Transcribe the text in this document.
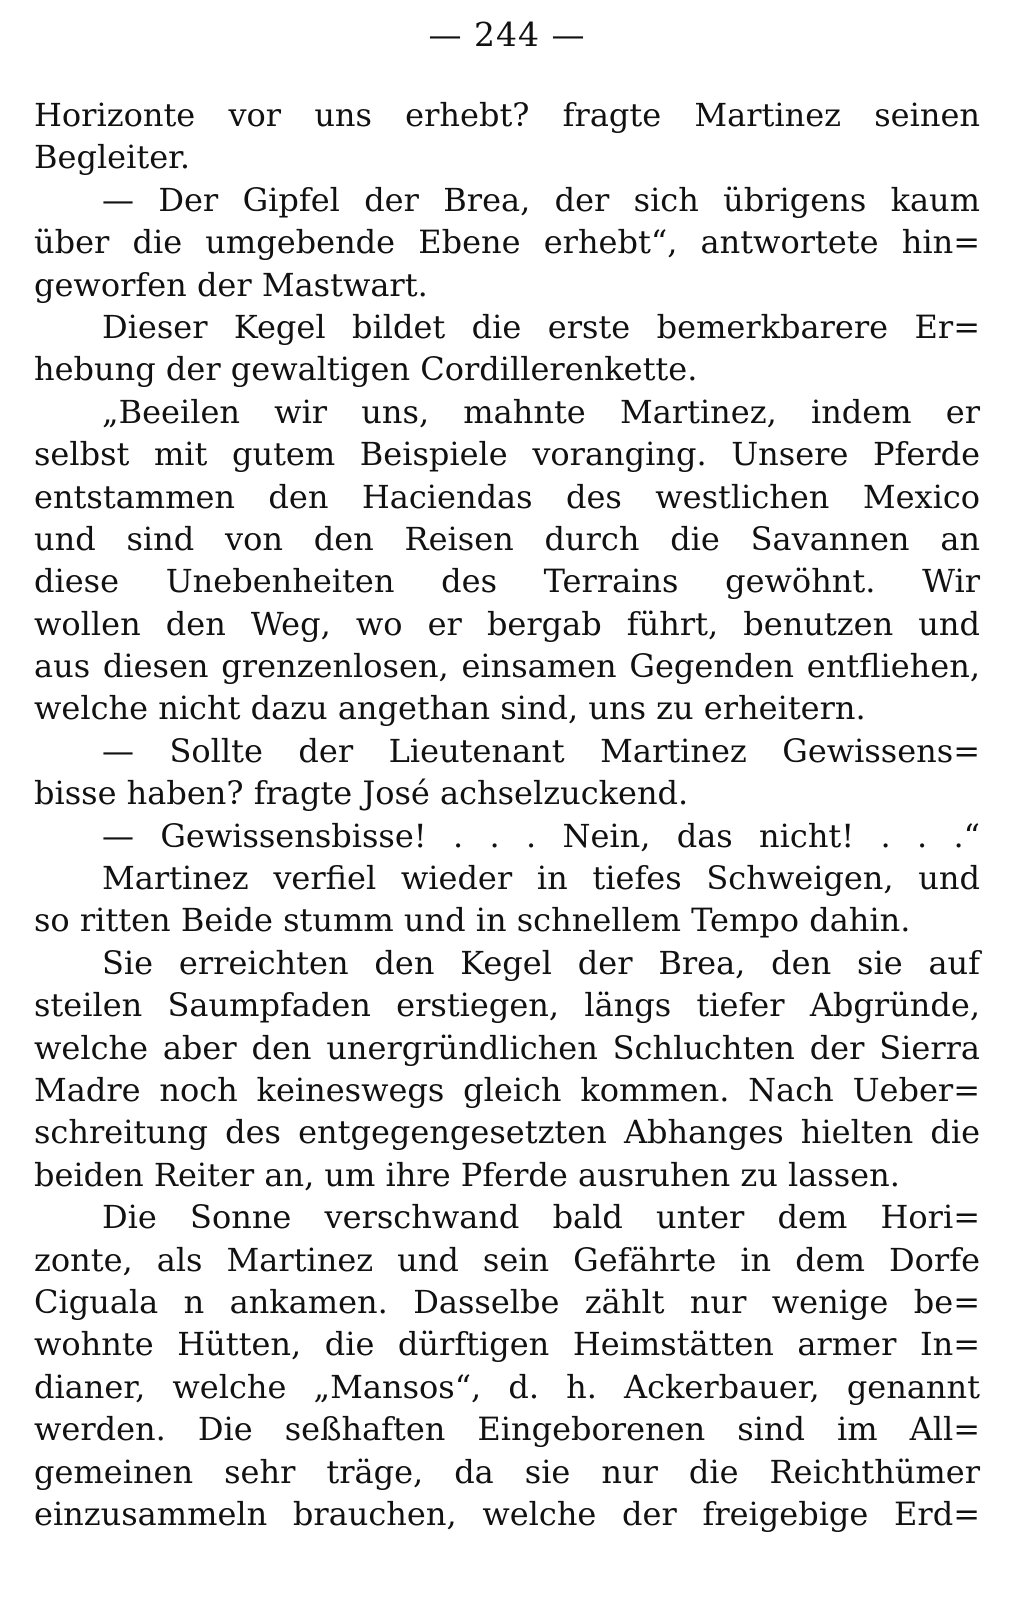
— 244 —
Horizonte vor uns erhebt? fragte Martinez seinen
Begleiter.
— Der Gipfel der Brea, der sich übrigens kaum
über die umgebende Ebene erhebt“, antwortete hin=
geworfen der Mastwart.
Dieser Kegel bildet die erste bemerkbarere Er=
hebung der gewaltigen Cordillerenkette.
„Beeilen wir uns, mahnte Martinez, indem er
selbst mit gutem Beispiele voranging. Unsere Pferde
entstammen den Haciendas des westlichen Mexico
und sind von den Reisen durch die Savannen an
diese Unebenheiten des Terrains gewöhnt. Wir
wollen den Weg, wo er bergab führt, benutzen und
aus diesen grenzenlosen, einsamen Gegenden entfliehen,
welche nicht dazu angethan sind, uns zu erheitern.
— Sollte der Lieutenant Martinez Gewissens=
bisse haben? fragte José achselzuckend.
— Gewissensbisse! . . . Nein, das nicht! . . .“
Martinez verfiel wieder in tiefes Schweigen, und
so ritten Beide stumm und in schnellem Tempo dahin.
Sie erreichten den Kegel der Brea, den sie auf
steilen Saumpfaden erstiegen, längs tiefer Abgründe,
welche aber den unergründlichen Schluchten der Sierra
Madre noch keineswegs gleich kommen. Nach Ueber=
schreitung des entgegengesetzten Abhanges hielten die
beiden Reiter an, um ihre Pferde ausruhen zu lassen.
Die Sonne verschwand bald unter dem Hori=
zonte, als Martinez und sein Gefährte in dem Dorfe
Ciguala n ankamen. Dasselbe zählt nur wenige be=
wohnte Hütten, die dürftigen Heimstätten armer In=
dianer, welche „Mansos“, d. h. Ackerbauer, genannt
werden. Die seßhaften Eingeborenen sind im All=
gemeinen sehr träge, da sie nur die Reichthümer
einzusammeln brauchen, welche der freigebige Erd=
